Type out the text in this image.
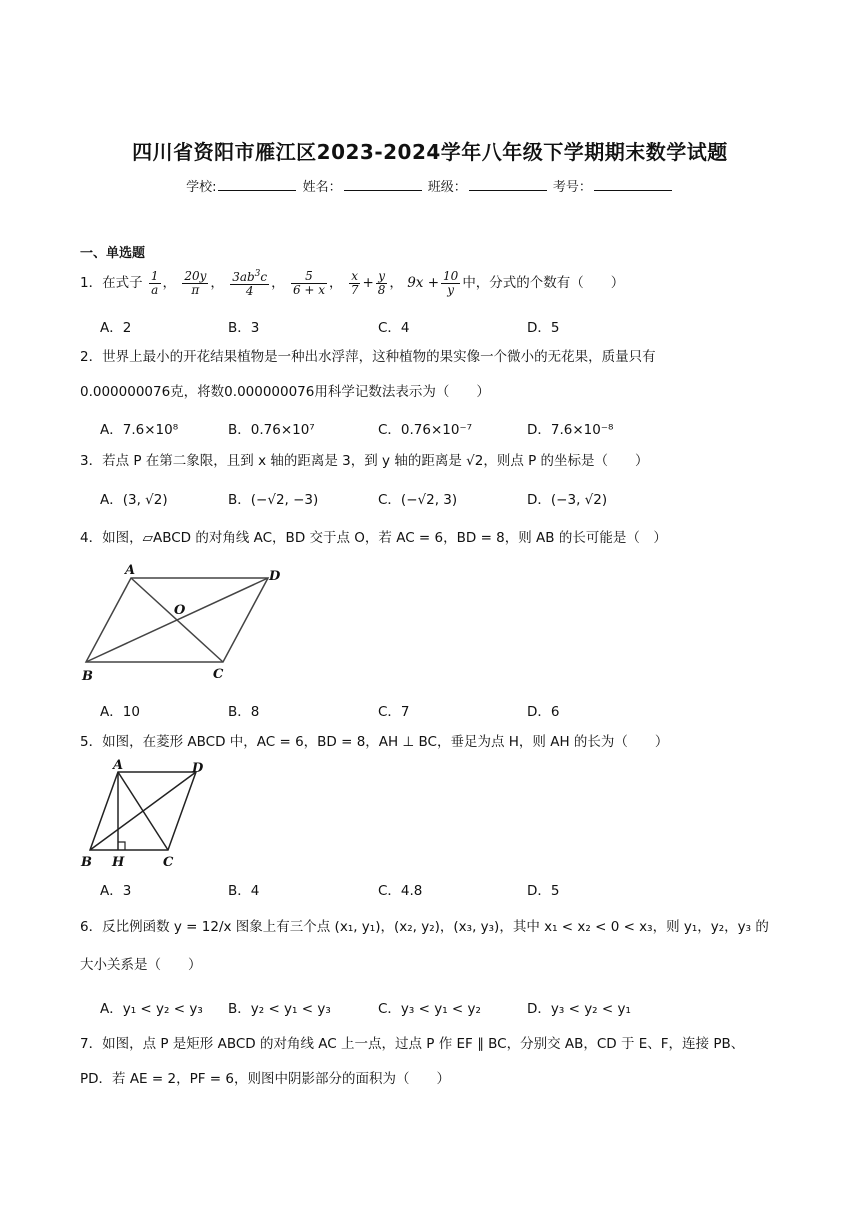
四川省资阳市雁江区2023-2024学年八年级下学期期末数学试题
学校:	姓名：	班级：	考号：
一、单选题
1．在式子 $\frac{1}{a}$ ， $\frac{20y}{\pi}$ ， $\frac{3ab^3c}{4}$ ， $\frac{5}{6 + x}$ ， $\frac{x}{7} + \frac{y}{8}$ ， $9x + \frac{10}{y}$ 中，分式的个数有（　　）
A．2	B．3	C．4	D．5
2．世界上最小的开花结果植物是一种出水浮萍，这种植物的果实像一个微小的无花果，质量只有
0.000000076克，将数0.000000076用科学记数法表示为（　　）
A．7.6×10⁸	B．0.76×10⁷	C．0.76×10⁻⁷	D．7.6×10⁻⁸
3．若点 P 在第二象限，且到 x 轴的距离是 3，到 y 轴的距离是 √2，则点 P 的坐标是（　　）
A．(3, √2)	B．(−√2, −3)	C．(−√2, 3)	D．(−3, √2)
4．如图，▱ABCD 的对角线 AC，BD 交于点 O，若 AC = 6，BD = 8，则 AB 的长可能是（　）
A	D
O
B	C
A．10	B．8	C．7	D．6
5．如图，在菱形 ABCD 中，AC = 6，BD = 8，AH ⊥ BC，垂足为点 H，则 AH 的长为（　　）
A	D
B H	C
A．3	B．4	C．4.8	D．5
6．反比例函数 y = 12/x 图象上有三个点 (x₁, y₁)，(x₂, y₂)，(x₃, y₃)，其中 x₁ < x₂ < 0 < x₃，则 y₁，y₂，y₃ 的
大小关系是（　　）
A．y₁ < y₂ < y₃ B．y₂ < y₁ < y₃	C．y₃ < y₁ < y₂	D．y₃ < y₂ < y₁
7．如图，点 P 是矩形 ABCD 的对角线 AC 上一点，过点 P 作 EF ∥ BC，分别交 AB，CD 于 E、F，连接 PB、
PD．若 AE = 2，PF = 6，则图中阴影部分的面积为（　　）
